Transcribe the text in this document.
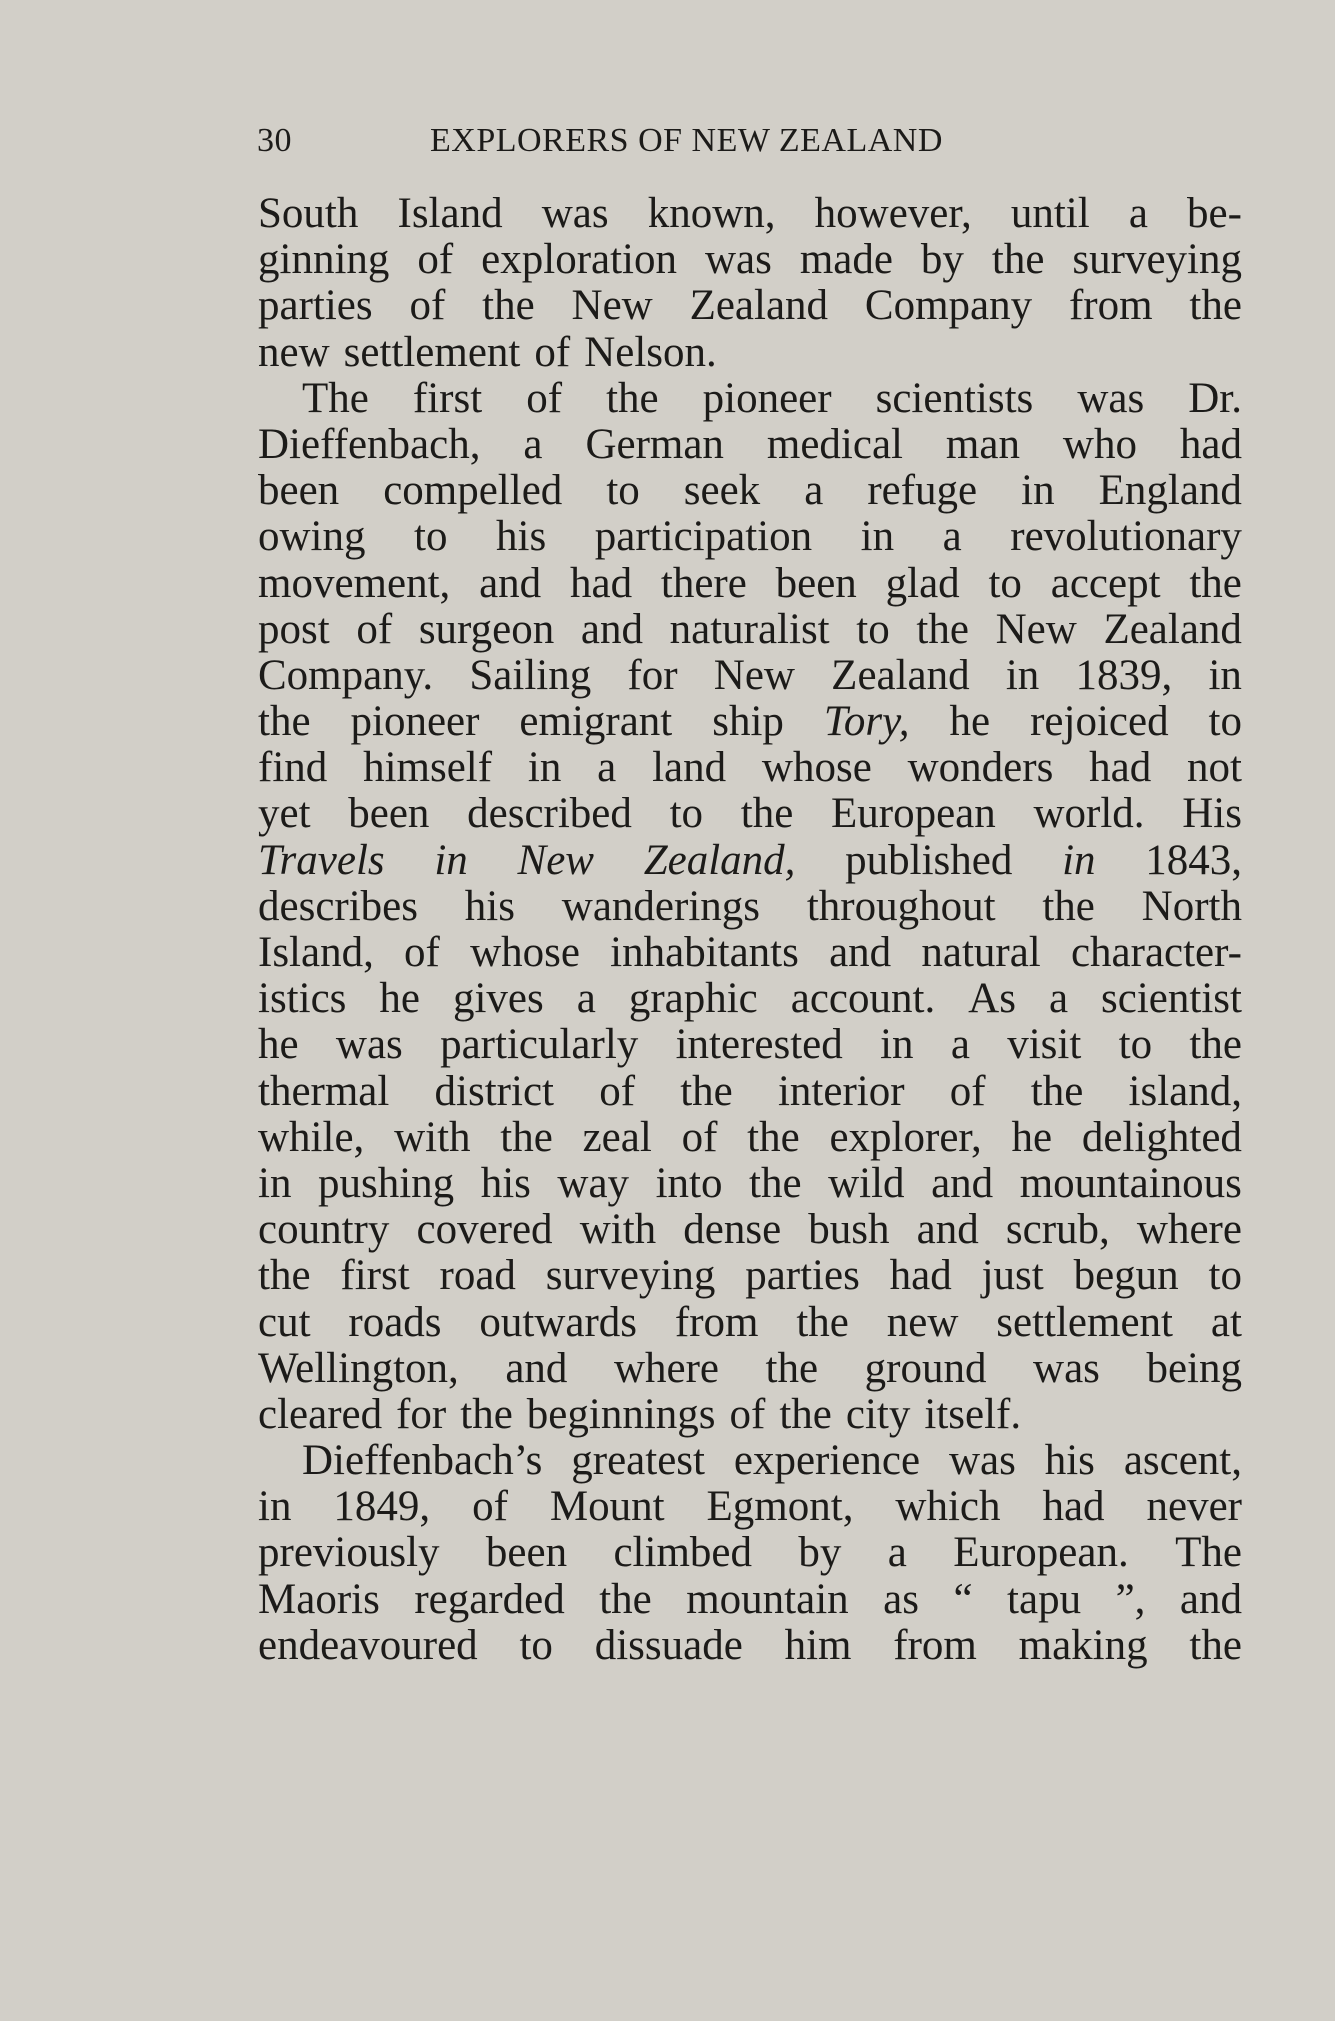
30	EXPLORERS OF NEW ZEALAND
South Island was known, however, until a be-
ginning of exploration was made by the surveying
parties of the New Zealand Company from the
new settlement of Nelson.
The first of the pioneer scientists was Dr.
Dieffenbach, a German medical man who had
been compelled to seek a refuge in England
owing to his participation in a revolutionary
movement, and had there been glad to accept the
post of surgeon and naturalist to the New Zealand
Company. Sailing for New Zealand in 1839, in
the pioneer emigrant ship Tory, he rejoiced to
find himself in a land whose wonders had not
yet been described to the European world. His
Travels in New Zealand, published in 1843,
describes his wanderings throughout the North
Island, of whose inhabitants and natural character-
istics he gives a graphic account. As a scientist
he was particularly interested in a visit to the
thermal district of the interior of the island,
while, with the zeal of the explorer, he delighted
in pushing his way into the wild and mountainous
country covered with dense bush and scrub, where
the first road surveying parties had just begun to
cut roads outwards from the new settlement at
Wellington, and where the ground was being
cleared for the beginnings of the city itself.
Dieffenbach’s greatest experience was his ascent,
in 1849, of Mount Egmont, which had never
previously been climbed by a European. The
Maoris regarded the mountain as “ tapu ”, and
endeavoured to dissuade him from making the
